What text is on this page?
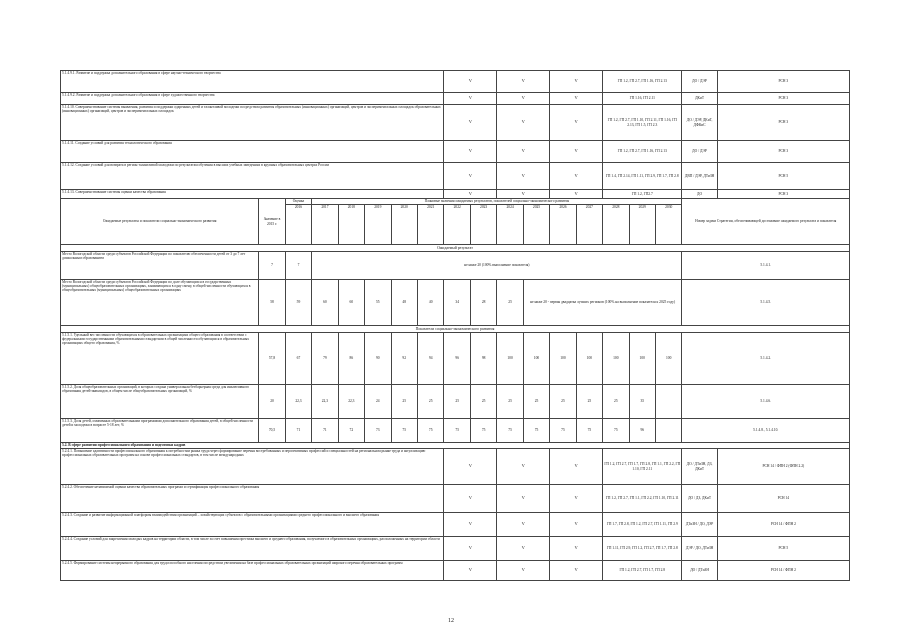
5.1.4.9.1. Развитие и поддержка дополнительного образования в сфере научно-технического творчества								V		V		V		ГП 1.2, ГП 2.7, ГП 1.16, ГП 2.13			ДО / ДЭР	РСН 3
5.1.4.9.2. Развитие и поддержка дополнительного образования в сфере художественного творчества								V		V		V		ГП 1.16, ГП 2.11			ДКиТ	РСН 3
5.1.4.10. Совершенствование системы выявления, развития и поддержки одаренных детей и талантливой молодежи посредством развития образовательных (инновационных) организаций, центров и экспериментальных площадок образовательных (инновационных) организаций, центров и экспериментальных площадок								V		V		V		ГП 1.2, ГП 2.7, ГП 1.10, ГП 2.11, ГП 1.16, ГП 2.13, ГП 1.5, ГП 2.3			ДО / ДЭР, ДКиТ, ДФКиС	РСН 3
5.1.4.11. Создание условий для развития технологического образования								V		V		V		ГП 1.2, ГП 2.7, ГП 1.16, ГП 2.13			ДО / ДЭР	РСН 3
5.1.4.12. Создание условий для возврата в регион талантливой молодежи по результатам обучения в высших учебных заведениях в крупных образовательных центрах России								V		V		V		ГП 1.4, ГП 2.14, ГП 1.11, ГП 2.9, ГП 1.7, ГП 2.8			ДВП / ДЭР, ДТиЗН	РСН 5
5.1.4.13. Совершенствование системы оценки качества образования								V		V		V		ГП 1.2, ГП2.7			ДО	РСН 3
Ожидаемые результаты и показатели социально-экономического развития	Значение в 2015 г.	Оценка	Плановые значения ожидаемых результатов, показателей социально-экономического развития														Номер задачи Стратегии, обеспечивающей достижение ожидаемого результата и показателя	
		2016	2017	2018	2019	2020	2021	2022	2023	2024	2025	2026	2027	2028	2029	2030		
Ожидаемый результат																		
Место Вологодской области среди субъектов Российской Федерации по показателю обеспеченности детей от 3 до 7 лет дошкольным образованием	7	7	не ниже 20 (100% выполнение показателя)														5.1.4.1.	
Место Вологодской области среди субъектов Российской Федерации по доле обучающихся в государственных (муниципальных) общеобразовательных организациях, занимающихся в одну смену, в общей численности обучающихся в общеобразовательных (муниципальных) общеобразовательных организациях	58	59	60	60	55	48	40	34	28	25	не ниже 20 - первая двадцатка лучших регионов (100% на выполнение показателя к 2025 году)						5.1.4.5.	
Показатели социально-экономического развития																		
5.1.5.1. Удельный вес численности обучающихся в образовательных организациях общего образования в соответствии с федеральными государственными образовательными стандартами в общей численности обучающихся в образовательных организациях общего образования, %	57,8	67	79	86	90	92	94	96	98	100	100	100	100	100	100	100	5.1.4.2.	
5.1.5.2. Доля общеобразовательных организаций, в которых создана универсальная безбарьерная среда для инклюзивного образования детей-инвалидов, в общем числе общеобразовательных организаций, %	20	22,3	22,3	22,3	24	25	25	25	25	25	25	25	25	25	35		5.1.4.6.	
5.1.5.3. Доля детей, охваченных образовательными программами дополнительного образования детей, в общей численности детей и молодежи в возрасте 5-18 лет, %	70,5	71	71	72	73	75	75	75	75	75	75	75	75	75	96		5.1.4.8., 5.1.4.10.	
5.2. В сфере развития профессионального образования и подготовки кадров																		
5.2.4.1. Повышение адаптивности профессионального образования к потребностям рынка труда через формирование перечня востребованных и перспективных профессий и специальностей на региональном рынке труда и актуализацию профессиональных образовательных программ на основе профессиональных стандартов, в том числе международных								V		V		V		ГП 1.2, ГП 2.7, ГП 1.7, ГП 2.8, ГП 1.1, ГП 2.2, ГП 1.10, ГП 2.11			ДО / ДТиЗН, ДЗ, ДКиТ	РСН 14 / ФПН 2 (ФПН 2.2)
5.2.4.2. Обеспечение независимой оценки качества образовательных программ и сертификация профессионального образования								V		V		V		ГП 1.2, ГП 2.7, ГП 1.1, ГП 2.2, ГП 1.10, ГП 2.11			ДО / ДЗ, ДКиТ	РСН 14
5.2.4.3. Создание и развитие информационной платформы взаимодействия организаций – хозяйствующих субъектов с образовательными организациями среднего профессионального и высшего образования								V		V		V		ГП 1.7, ГП 2.8, ГП 1.2, ГП 2.7, ГП 1.11, ГП 2.9			ДТиЗН / ДО, ДЭР	РСН 14 / ФПН 2
5.2.4.4. Создание условий для закрепления молодых кадров на территории области, в том числе за счет повышения престижа высшего и среднего образования, получаемого в образовательных организациях, расположенных на территории области								V		V		V		ГП 1.11, ГП 2.9, ГП 1.2, ГП 2.7, ГП 1.7, ГП 2.8			ДЭР / ДО, ДТиЗН	РСН 5
5.2.4.5. Формирование системы непрерывного образования для трудоспособного населения посредством увеличения на базе профессиональных образовательных организаций широкого перечня образовательных программ								V		V		V		ГП 1.2, ГП 2.7, ГП 1.7, ГП 2.8			ДО / ДТиЗН	РСН 14 / ФПН 2
12
